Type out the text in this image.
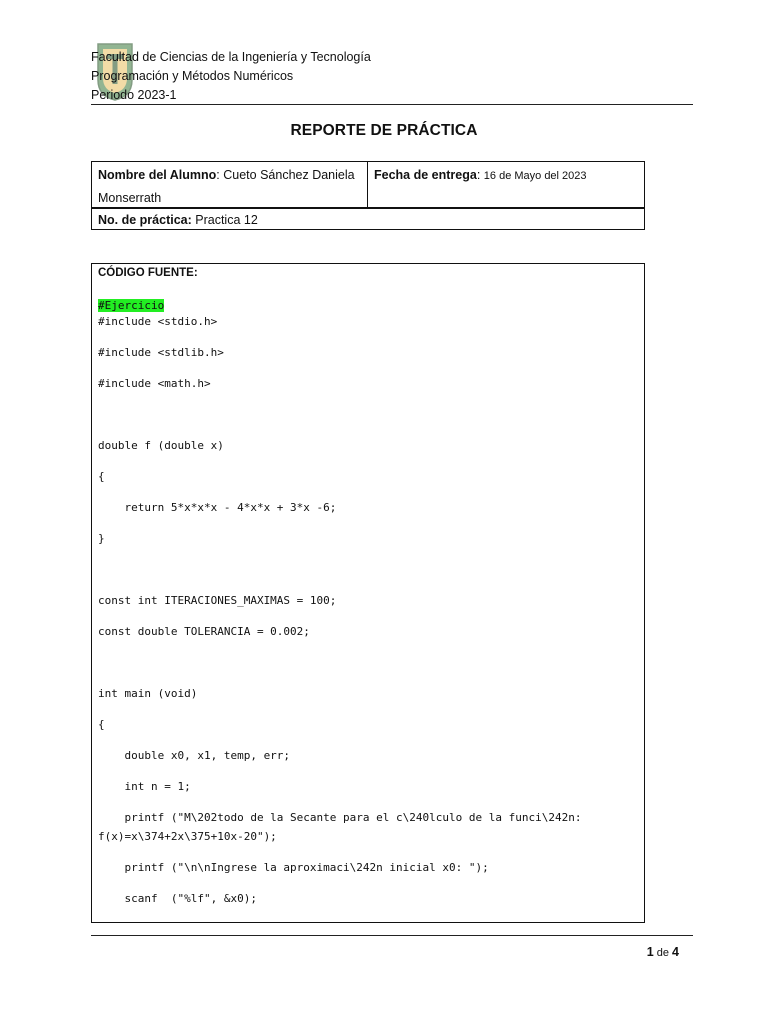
Facultad de Ciencias de la Ingeniería y Tecnología
Programación y Métodos Numéricos
Periodo 2023-1
REPORTE DE PRÁCTICA
Nombre del Alumno: Cueto Sánchez Daniela Monserrath
Fecha de entrega: 16 de Mayo del 2023
No. de práctica: Practica 12
CÓDIGO FUENTE:
#Ejercicio
#include <stdio.h>
#include <stdlib.h>
#include <math.h>
double f (double x)
{
return 5*x*x*x - 4*x*x + 3*x -6;
}
const int ITERACIONES_MAXIMAS = 100;
const double TOLERANCIA = 0.002;
int main (void)
{
double x0, x1, temp, err;
int n = 1;
printf ("M\202todo de la Secante para el c\240lculo de la funci\242n:
f(x)=x\374+2x\375+10x-20");
printf ("\n\nIngrese la aproximaci\242n inicial x0: ");
scanf  ("%lf", &x0);
1 de 4
